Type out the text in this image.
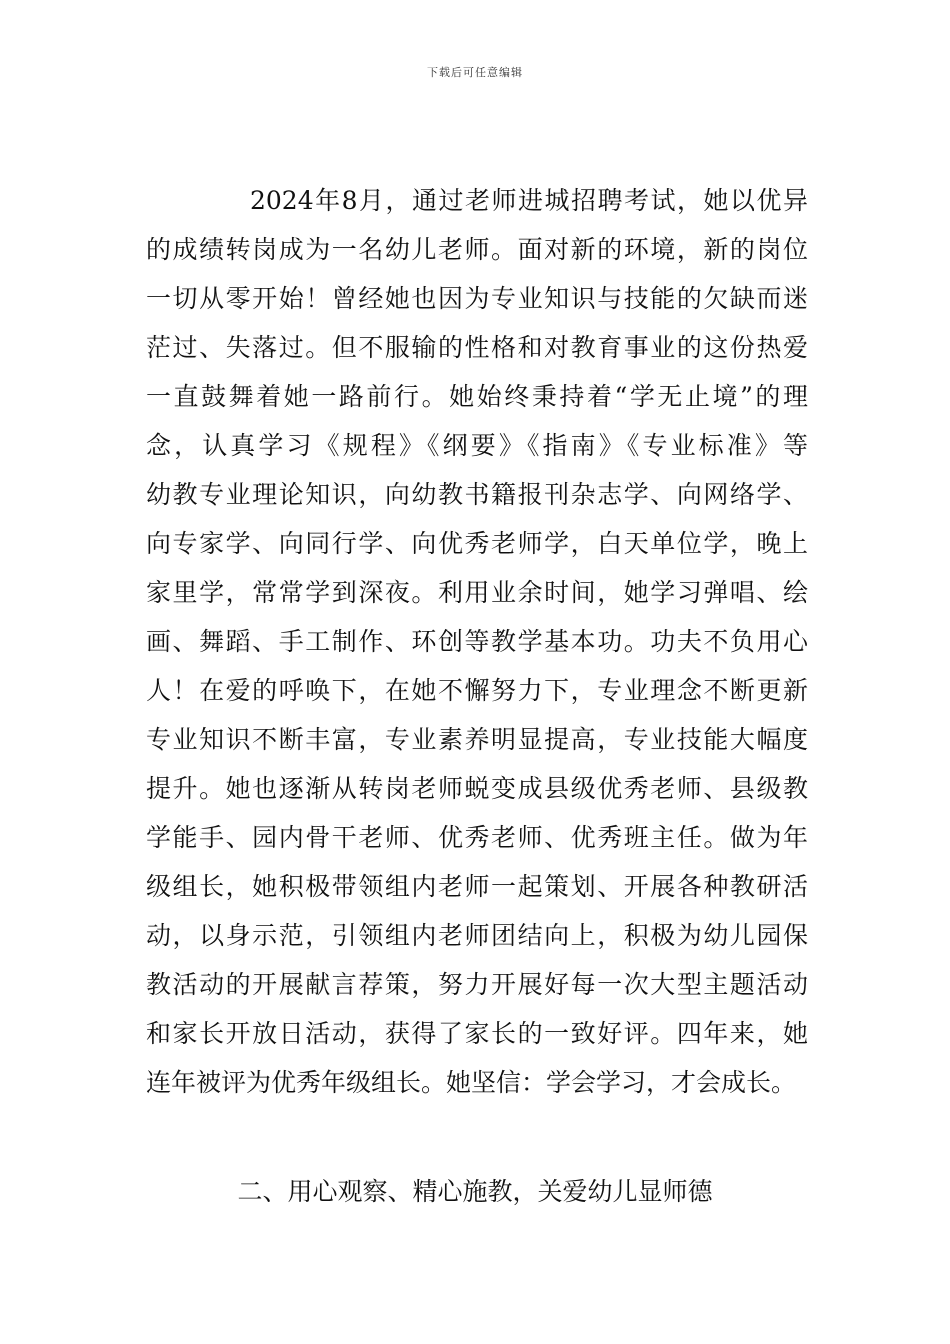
下载后可任意编辑
2024年8月，通过老师进城招聘考试，她以优异
的成绩转岗成为一名幼儿老师。面对新的环境，新的岗位
一切从零开始！曾经她也因为专业知识与技能的欠缺而迷
茫过、失落过。但不服输的性格和对教育事业的这份热爱
一直鼓舞着她一路前行。她始终秉持着“学无止境”的理
念，认真学习《规程》《纲要》《指南》《专业标准》等
幼教专业理论知识，向幼教书籍报刊杂志学、向网络学、
向专家学、向同行学、向优秀老师学，白天单位学，晚上
家里学，常常学到深夜。利用业余时间，她学习弹唱、绘
画、舞蹈、手工制作、环创等教学基本功。功夫不负用心
人！在爱的呼唤下，在她不懈努力下，专业理念不断更新
专业知识不断丰富，专业素养明显提高，专业技能大幅度
提升。她也逐渐从转岗老师蜕变成县级优秀老师、县级教
学能手、园内骨干老师、优秀老师、优秀班主任。做为年
级组长，她积极带领组内老师一起策划、开展各种教研活
动，以身示范，引领组内老师团结向上，积极为幼儿园保
教活动的开展献言荐策，努力开展好每一次大型主题活动
和家长开放日活动，获得了家长的一致好评。四年来，她
连年被评为优秀年级组长。她坚信：学会学习，才会成长。
二、用心观察、精心施教，关爱幼儿显师德
